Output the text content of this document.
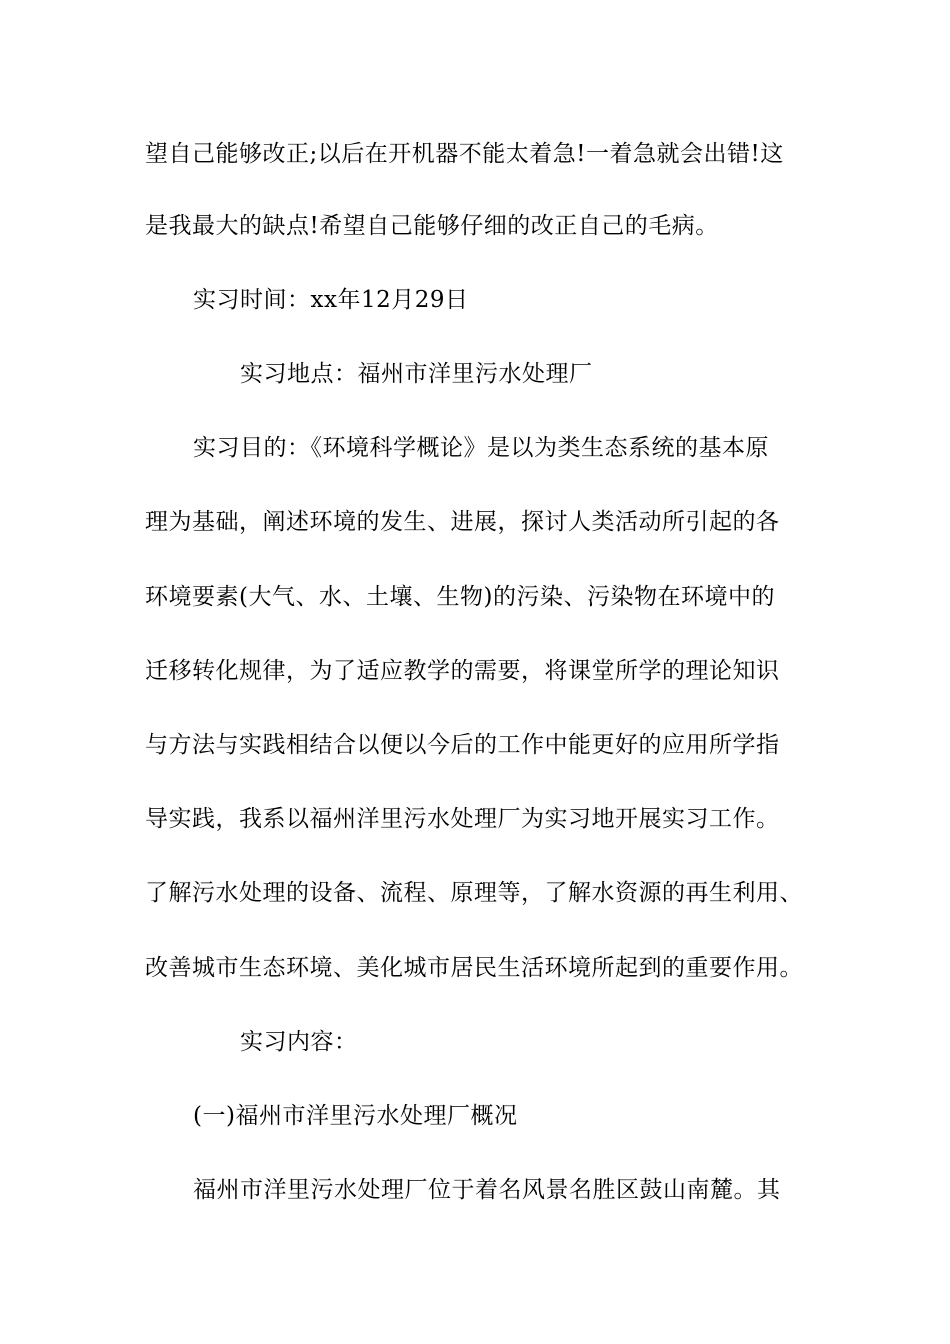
望自己能够改正;以后在开机器不能太着急!一着急就会出错!这
是我最大的缺点!希望自己能够仔细的改正自己的毛病。
实习时间：xx年12月29日
实习地点：福州市洋里污水处理厂
实习目的：《环境科学概论》是以为类生态系统的基本原
理为基础，阐述环境的发生、进展，探讨人类活动所引起的各
环境要素(大气、水、土壤、生物)的污染、污染物在环境中的
迁移转化规律，为了适应教学的需要，将课堂所学的理论知识
与方法与实践相结合以便以今后的工作中能更好的应用所学指
导实践，我系以福州洋里污水处理厂为实习地开展实习工作。
了解污水处理的设备、流程、原理等，了解水资源的再生利用、
改善城市生态环境、美化城市居民生活环境所起到的重要作用。
实习内容：
(一)福州市洋里污水处理厂概况
福州市洋里污水处理厂位于着名风景名胜区鼓山南麓。其
